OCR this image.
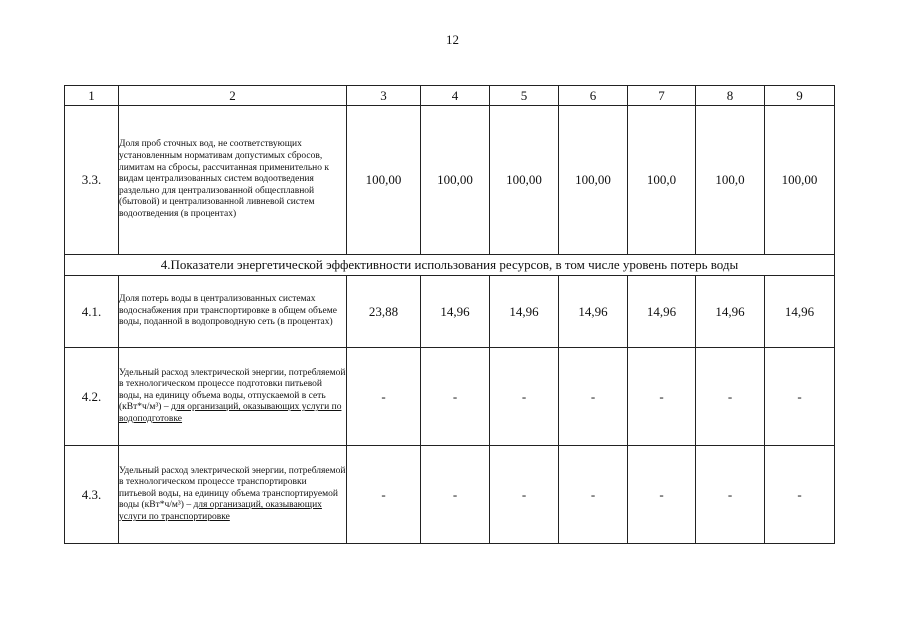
12
1	2	3	4	5	6	7	8	9
3.3.	Доля проб сточных вод, не соответствующих установленным нормативам допустимых сбросов, лимитам на сбросы, рассчитанная применительно к видам централизованных систем водоотведения раздельно для централизованной общесплавной (бытовой) и централизованной ливневой систем водоотведения (в процентах)	100,00	100,00	100,00	100,00	100,0	100,0	100,00
4.Показатели энергетической эффективности использования ресурсов, в том числе уровень потерь воды								
4.1.	Доля потерь воды в централизованных системах водоснабжения при транспортировке в общем объеме воды, поданной в водопроводную сеть (в процентах)	23,88	14,96	14,96	14,96	14,96	14,96	14,96
4.2.	Удельный расход электрической энергии, потребляемой в технологическом процессе подготовки питьевой воды, на единицу объема воды, отпускаемой в сеть (кВт*ч/м³) – для организаций, оказывающих услуги по водоподготовке	-	-	-	-	-	-	-
4.3.	Удельный расход электрической энергии, потребляемой в технологическом процессе транспортировки питьевой воды, на единицу объема транспортируемой воды (кВт*ч/м³) – для организаций, оказывающих услуги по транспортировке	-	-	-	-	-	-	-
